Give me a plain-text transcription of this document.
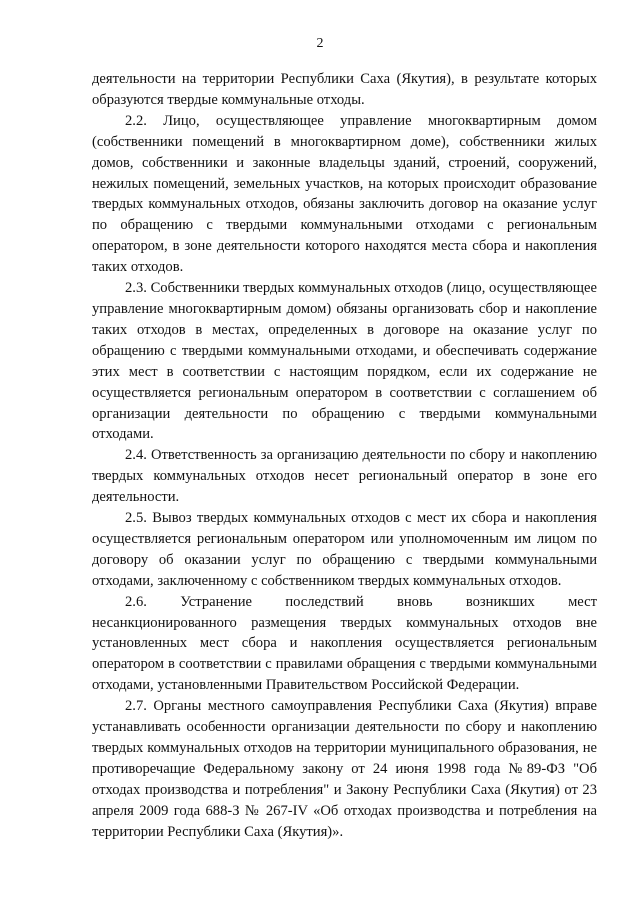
2

деятельности на территории Республики Саха (Якутия), в результате которых образуются твердые коммунальные отходы.

2.2. Лицо, осуществляющее управление многоквартирным домом (собственники помещений в многоквартирном доме), собственники жилых домов, собственники и законные владельцы зданий, строений, сооружений, нежилых помещений, земельных участков, на которых происходит образование твердых коммунальных отходов, обязаны заключить договор на оказание услуг по обращению с твердыми коммунальными отходами с региональным оператором, в зоне деятельности которого находятся места сбора и накопления таких отходов.

2.3. Собственники твердых коммунальных отходов (лицо, осуществляющее управление многоквартирным домом) обязаны организовать сбор и накопление таких отходов в местах, определенных в договоре на оказание услуг по обращению с твердыми коммунальными отходами, и обеспечивать содержание этих мест в соответствии с настоящим порядком, если их содержание не осуществляется региональным оператором в соответствии с соглашением об организации деятельности по обращению с твердыми коммунальными отходами.

2.4. Ответственность за организацию деятельности по сбору и накоплению твердых коммунальных отходов несет региональный оператор в зоне его деятельности.

2.5. Вывоз твердых коммунальных отходов с мест их сбора и накопления осуществляется региональным оператором или уполномоченным им лицом по договору об оказании услуг по обращению с твердыми коммунальными отходами, заключенному с собственником твердых коммунальных отходов.

2.6. Устранение последствий вновь возникших мест несанкционированного размещения твердых коммунальных отходов вне установленных мест сбора и накопления осуществляется региональным оператором в соответствии с правилами обращения с твердыми коммунальными отходами, установленными Правительством Российской Федерации.

2.7. Органы местного самоуправления Республики Саха (Якутия) вправе устанавливать особенности организации деятельности по сбору и накоплению твердых коммунальных отходов на территории муниципального образования, не противоречащие Федеральному закону от 24 июня 1998 года №89-ФЗ "Об отходах производства и потребления" и Закону Республики Саха (Якутия) от 23 апреля 2009 года 688-З № 267-IV «Об отходах производства и потребления на территории Республики Саха (Якутия)».
